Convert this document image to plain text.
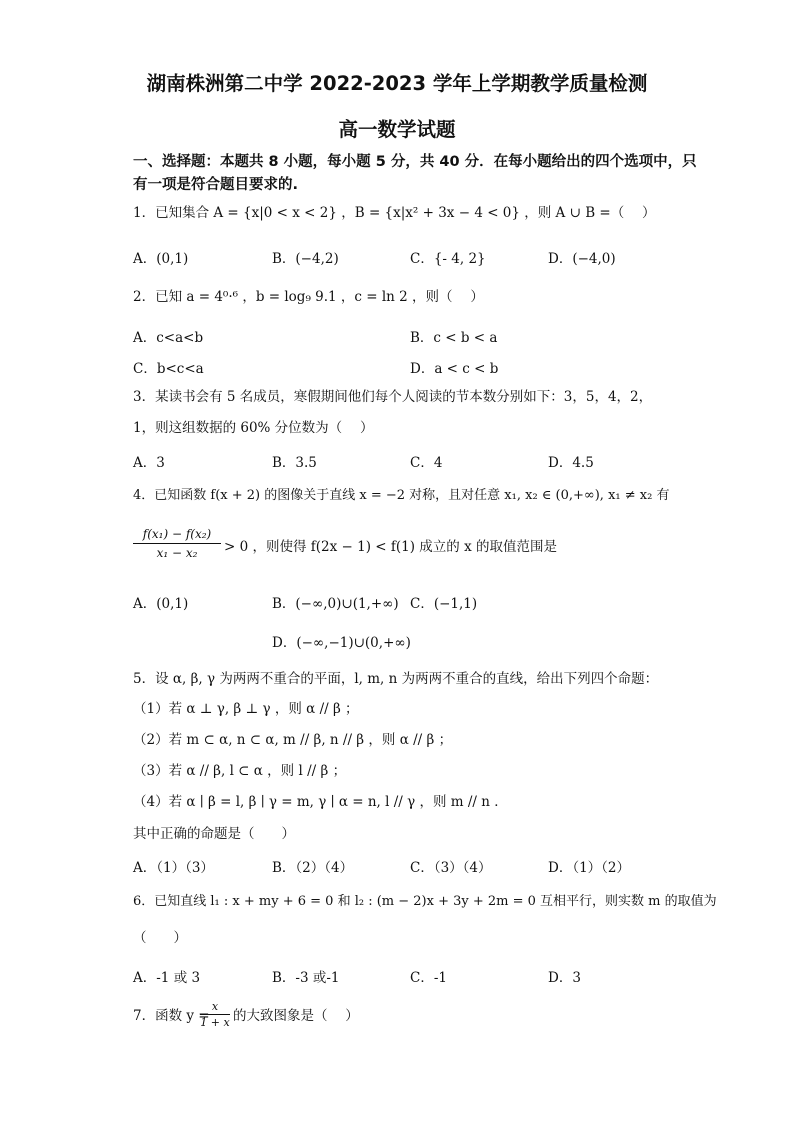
湖南株洲第二中学 2022-2023 学年上学期教学质量检测
高一数学试题
一、选择题：本题共 8 小题，每小题 5 分，共 40 分．在每小题给出的四个选项中，只
有一项是符合题目要求的.
1．已知集合 A = {x|0 < x < 2} ，B = {x|x² + 3x − 4 < 0} ，则 A ∪ B =（　 ）
A．(0,1)	B．(−4,2)	C．{- 4, 2}	D．(−4,0)
2．已知 a = 4⁰·⁶ ，b = log₉ 9.1 ，c = ln 2 ，则（　 ）
A．c<a<b	B．c < b < a
C．b<c<a	D．a < c < b
3．某读书会有 5 名成员，寒假期间他们每个人阅读的节本数分别如下：3，5，4，2，
1，则这组数据的 60% 分位数为（　 ）
A．3	B．3.5	C．4	D．4.5
4．已知函数 f(x + 2) 的图像关于直线 x = −2 对称，且对任意 x₁, x₂ ∈ (0,+∞), x₁ ≠ x₂ 有
$\frac{\text{f(x₁) − f(x₂)}}{\text{x₁ − x₂}} > 0$ ，则使得 f(2x − 1) < f(1) 成立的 x 的取值范围是
A．(0,1)	B．(−∞,0)∪(1,+∞) C．(−1,1)
D．(−∞,−1)∪(0,+∞)
5．设 α, β, γ 为两两不重合的平面，l, m, n 为两两不重合的直线，给出下列四个命题：
（1）若 α ⊥ γ, β ⊥ γ ，则 α // β ；
（2）若 m ⊂ α, n ⊂ α, m // β, n // β ，则 α // β ；
（3）若 α // β, l ⊂ α ，则 l // β ；
（4）若 α ∣ β = l, β ∣ γ = m, γ ∣ α = n, l // γ ，则 m // n ．
其中正确的命题是（　　）
A．（1）（3）	B．（2）（4）	C．（3）（4）	D．（1）（2）
6．已知直线 l₁ : x + my + 6 = 0 和 l₂ : (m − 2)x + 3y + 2m = 0 互相平行，则实数 m 的取值为
（　　）
A．-1 或 3	B．-3 或-1	C．-1	D．3
7．函数 y =
$\frac{x}{1 + x}$ 的大致图象是（　 ）
